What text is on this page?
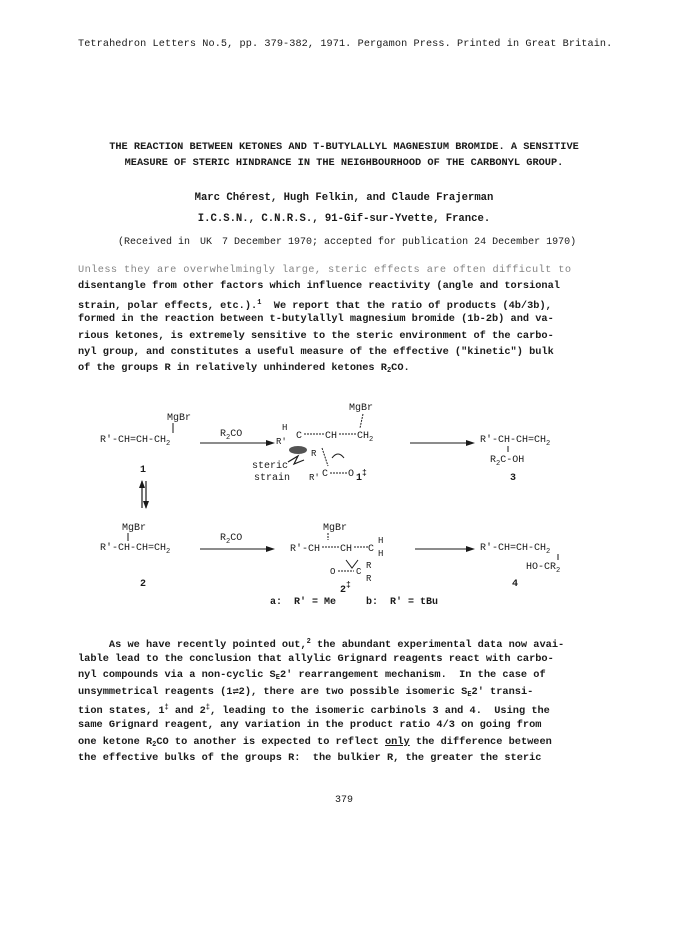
Tetrahedron Letters No.5, pp. 379-382, 1971. Pergamon Press. Printed in Great Britain.
THE REACTION BETWEEN KETONES AND T-BUTYLALLYL MAGNESIUM BROMIDE. A SENSITIVE
MEASURE OF STERIC HINDRANCE IN THE NEIGHBOURHOOD OF THE CARBONYL GROUP.
Marc Chérest, Hugh Felkin, and Claude Frajerman
I.C.S.N., C.N.R.S., 91-Gif-sur-Yvette, France.
(Received in UK 7 December 1970; accepted for publication 24 December 1970)
Unless they are overwhelmingly large, steric effects are often difficult to
disentangle from other factors which influence reactivity (angle and torsional
strain, polar effects, etc.).$^1$ We report that the ratio of products (4b/3b),
formed in the reaction between t-butylallyl magnesium bromide (1b-2b) and va-
rious ketones, is extremely sensitive to the steric environment of the carbo-
nyl group, and constitutes a useful measure of the effective ("kinetic") bulk
of the groups R in relatively unhindered ketones $R_2CO$.
MgBr
$R'-CH=CH-CH_2$
1
$R_2CO$
MgBr
H
R' C CH $CH_2$
steric
strain
R
R' C O 1‡
$R'-CH-CH=CH_2$
$R_2C-OH$
3
MgBr
$R'-CH-CH=CH_2$
2
$R_2CO$
MgBr
R'-CH CH C
H
H
O C
R
R
2‡
$R'-CH=CH-CH_2$
$HO-CR_2$
4
a:  R' = Me     b:  R' = tBu
As we have recently pointed out,$^2$ the abundant experimental data now avai-
lable lead to the conclusion that allylic Grignard reagents react with carbo-
nyl compounds via a non-cyclic $S_E2'$ rearrangement mechanism.  In the case of
unsymmetrical reagents (1⇌2), there are two possible isomeric $S_E2'$ transi-
tion states, 1‡ and 2‡, leading to the isomeric carbinols 3 and 4.  Using the
same Grignard reagent, any variation in the product ratio 4/3 on going from
one ketone $R_2CO$ to another is expected to reflect only the difference between
the effective bulks of the groups R:  the bulkier R, the greater the steric
379
